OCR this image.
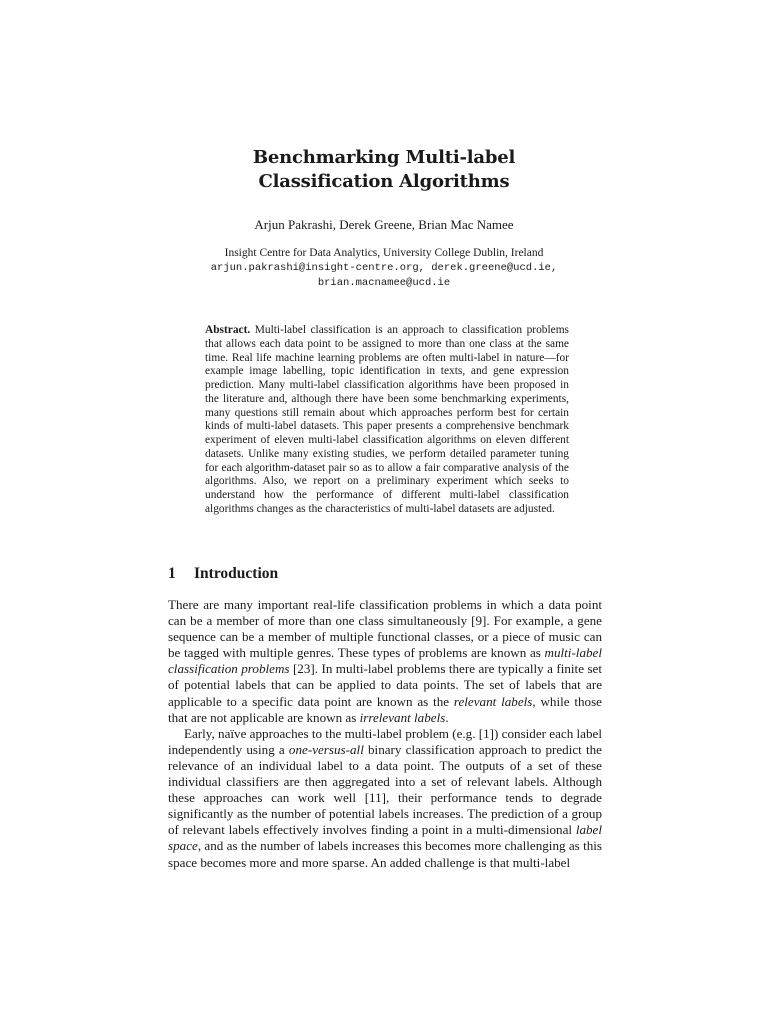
Benchmarking Multi-label
Classification Algorithms
Arjun Pakrashi, Derek Greene, Brian Mac Namee
Insight Centre for Data Analytics, University College Dublin, Ireland
arjun.pakrashi@insight-centre.org, derek.greene@ucd.ie,
brian.macnamee@ucd.ie
Abstract. Multi-label classification is an approach to classification problems that allows each data point to be assigned to more than one class at the same time. Real life machine learning problems are often multi-label in nature—for example image labelling, topic identification in texts, and gene expression prediction. Many multi-label classification algorithms have been proposed in the literature and, although there have been some benchmarking experiments, many questions still remain about which approaches perform best for certain kinds of multi-label datasets. This paper presents a comprehensive benchmark experiment of eleven multi-label classification algorithms on eleven different datasets. Unlike many existing studies, we perform detailed parameter tuning for each algorithm-dataset pair so as to allow a fair comparative analysis of the algorithms. Also, we report on a preliminary experiment which seeks to understand how the performance of different multi-label classification algorithms changes as the characteristics of multi-label datasets are adjusted.
1 Introduction

There are many important real-life classification problems in which a data point can be a member of more than one class simultaneously [9]. For example, a gene sequence can be a member of multiple functional classes, or a piece of music can be tagged with multiple genres. These types of problems are known as multi-label classification problems [23]. In multi-label problems there are typically a finite set of potential labels that can be applied to data points. The set of labels that are applicable to a specific data point are known as the relevant labels, while those that are not applicable are known as irrelevant labels.

Early, naïve approaches to the multi-label problem (e.g. [1]) consider each label independently using a one-versus-all binary classification approach to predict the relevance of an individual label to a data point. The outputs of a set of these individual classifiers are then aggregated into a set of relevant labels. Although these approaches can work well [11], their performance tends to degrade significantly as the number of potential labels increases. The prediction of a group of relevant labels effectively involves finding a point in a multi-dimensional label space, and as the number of labels increases this becomes more challenging as this space becomes more and more sparse. An added challenge is that multi-label
